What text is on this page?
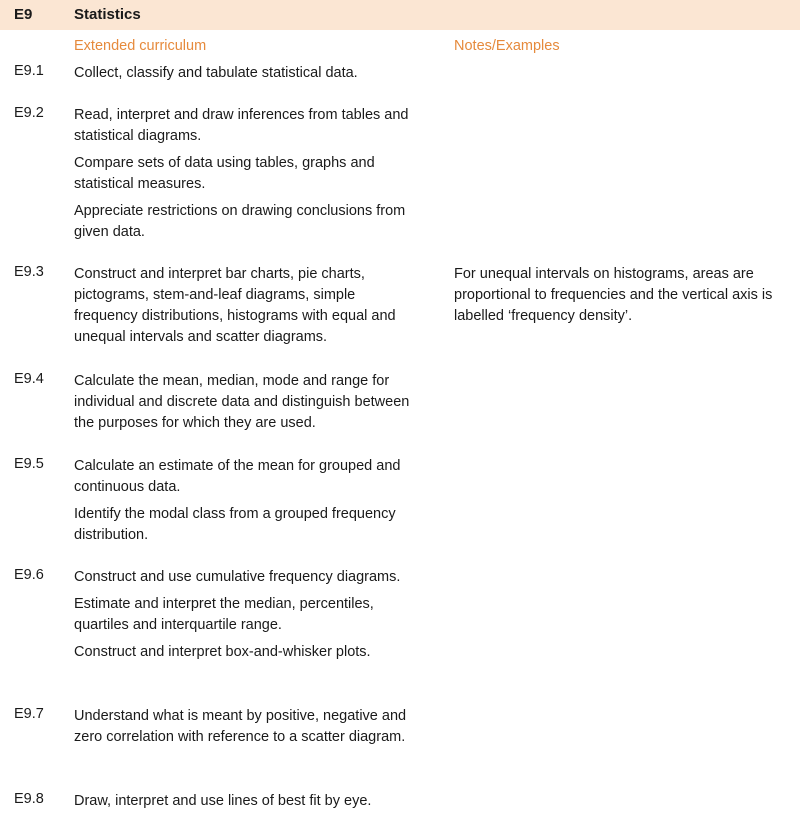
E9	Statistics
Extended curriculum	Notes/Examples
E9.1 Collect, classify and tabulate statistical data.

E9.2 Read, interpret and draw inferences from tables and statistical diagrams.

Compare sets of data using tables, graphs and statistical measures.

Appreciate restrictions on drawing conclusions from given data.

E9.3 Construct and interpret bar charts, pie charts, pictograms, stem-and-leaf diagrams, simple frequency distributions, histograms with equal and unequal intervals and scatter diagrams.

For unequal intervals on histograms, areas are proportional to frequencies and the vertical axis is labelled ‘frequency density’.
E9.4 Calculate the mean, median, mode and range for individual and discrete data and distinguish between the purposes for which they are used.

E9.5 Calculate an estimate of the mean for grouped and continuous data.

Identify the modal class from a grouped frequency distribution.

E9.6 Construct and use cumulative frequency diagrams.

Estimate and interpret the median, percentiles, quartiles and interquartile range.

Construct and interpret box-and-whisker plots.

E9.7 Understand what is meant by positive, negative and zero correlation with reference to a scatter diagram.

E9.8 Draw, interpret and use lines of best fit by eye.
